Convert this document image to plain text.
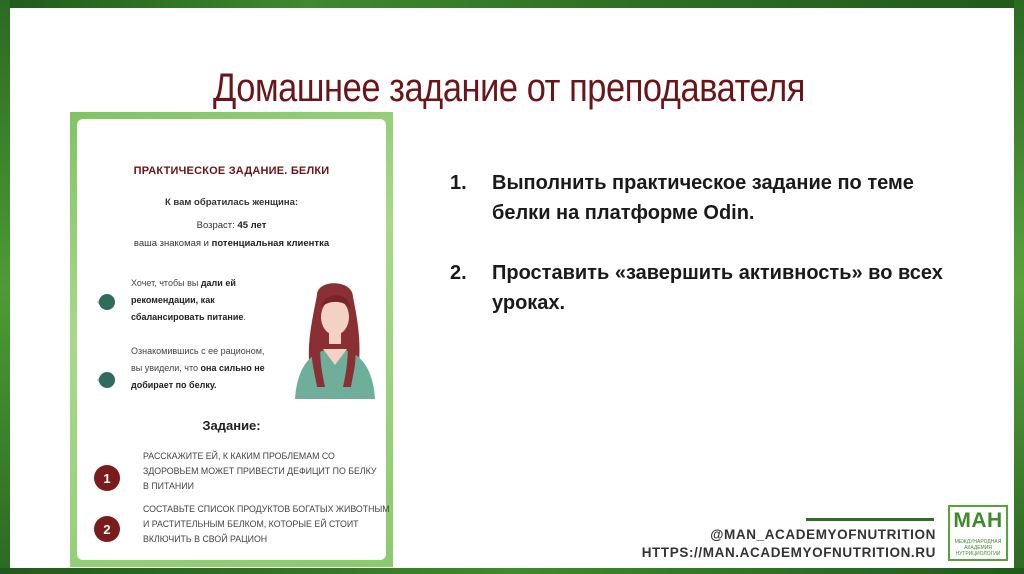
Домашнее задание от преподавателя
ПРАКТИЧЕСКОЕ ЗАДАНИЕ. БЕЛКИ
К вам обратилась женщина:
Возраст: 45 лет
ваша знакомая и потенциальная клиентка
Хочет, чтобы вы дали ей рекомендации, как сбалансировать питание.
Ознакомившись с ее рационом, вы увидели, что она сильно не добирает по белку.
Задание:
1
РАССКАЖИТЕ ЕЙ, К КАКИМ ПРОБЛЕМАМ СО ЗДОРОВЬЕМ МОЖЕТ ПРИВЕСТИ ДЕФИЦИТ ПО БЕЛКУ В ПИТАНИИ
2
СОСТАВЬТЕ СПИСОК ПРОДУКТОВ БОГАТЫХ ЖИВОТНЫМ И РАСТИТЕЛЬНЫМ БЕЛКОМ, КОТОРЫЕ ЕЙ СТОИТ ВКЛЮЧИТЬ В СВОЙ РАЦИОН
1. Выполнить практическое задание по теме белки на платформе Odin.
2. Проставить «завершить активность» во всех уроках.
@MAN_ACADEMYOFNUTRITION
HTTPS://MAN.ACADEMYOFNUTRITION.RU
МАН
МЕЖДУНАРОДНАЯ
АКАДЕМИЯ
НУТРИЦИОЛОГИИ
